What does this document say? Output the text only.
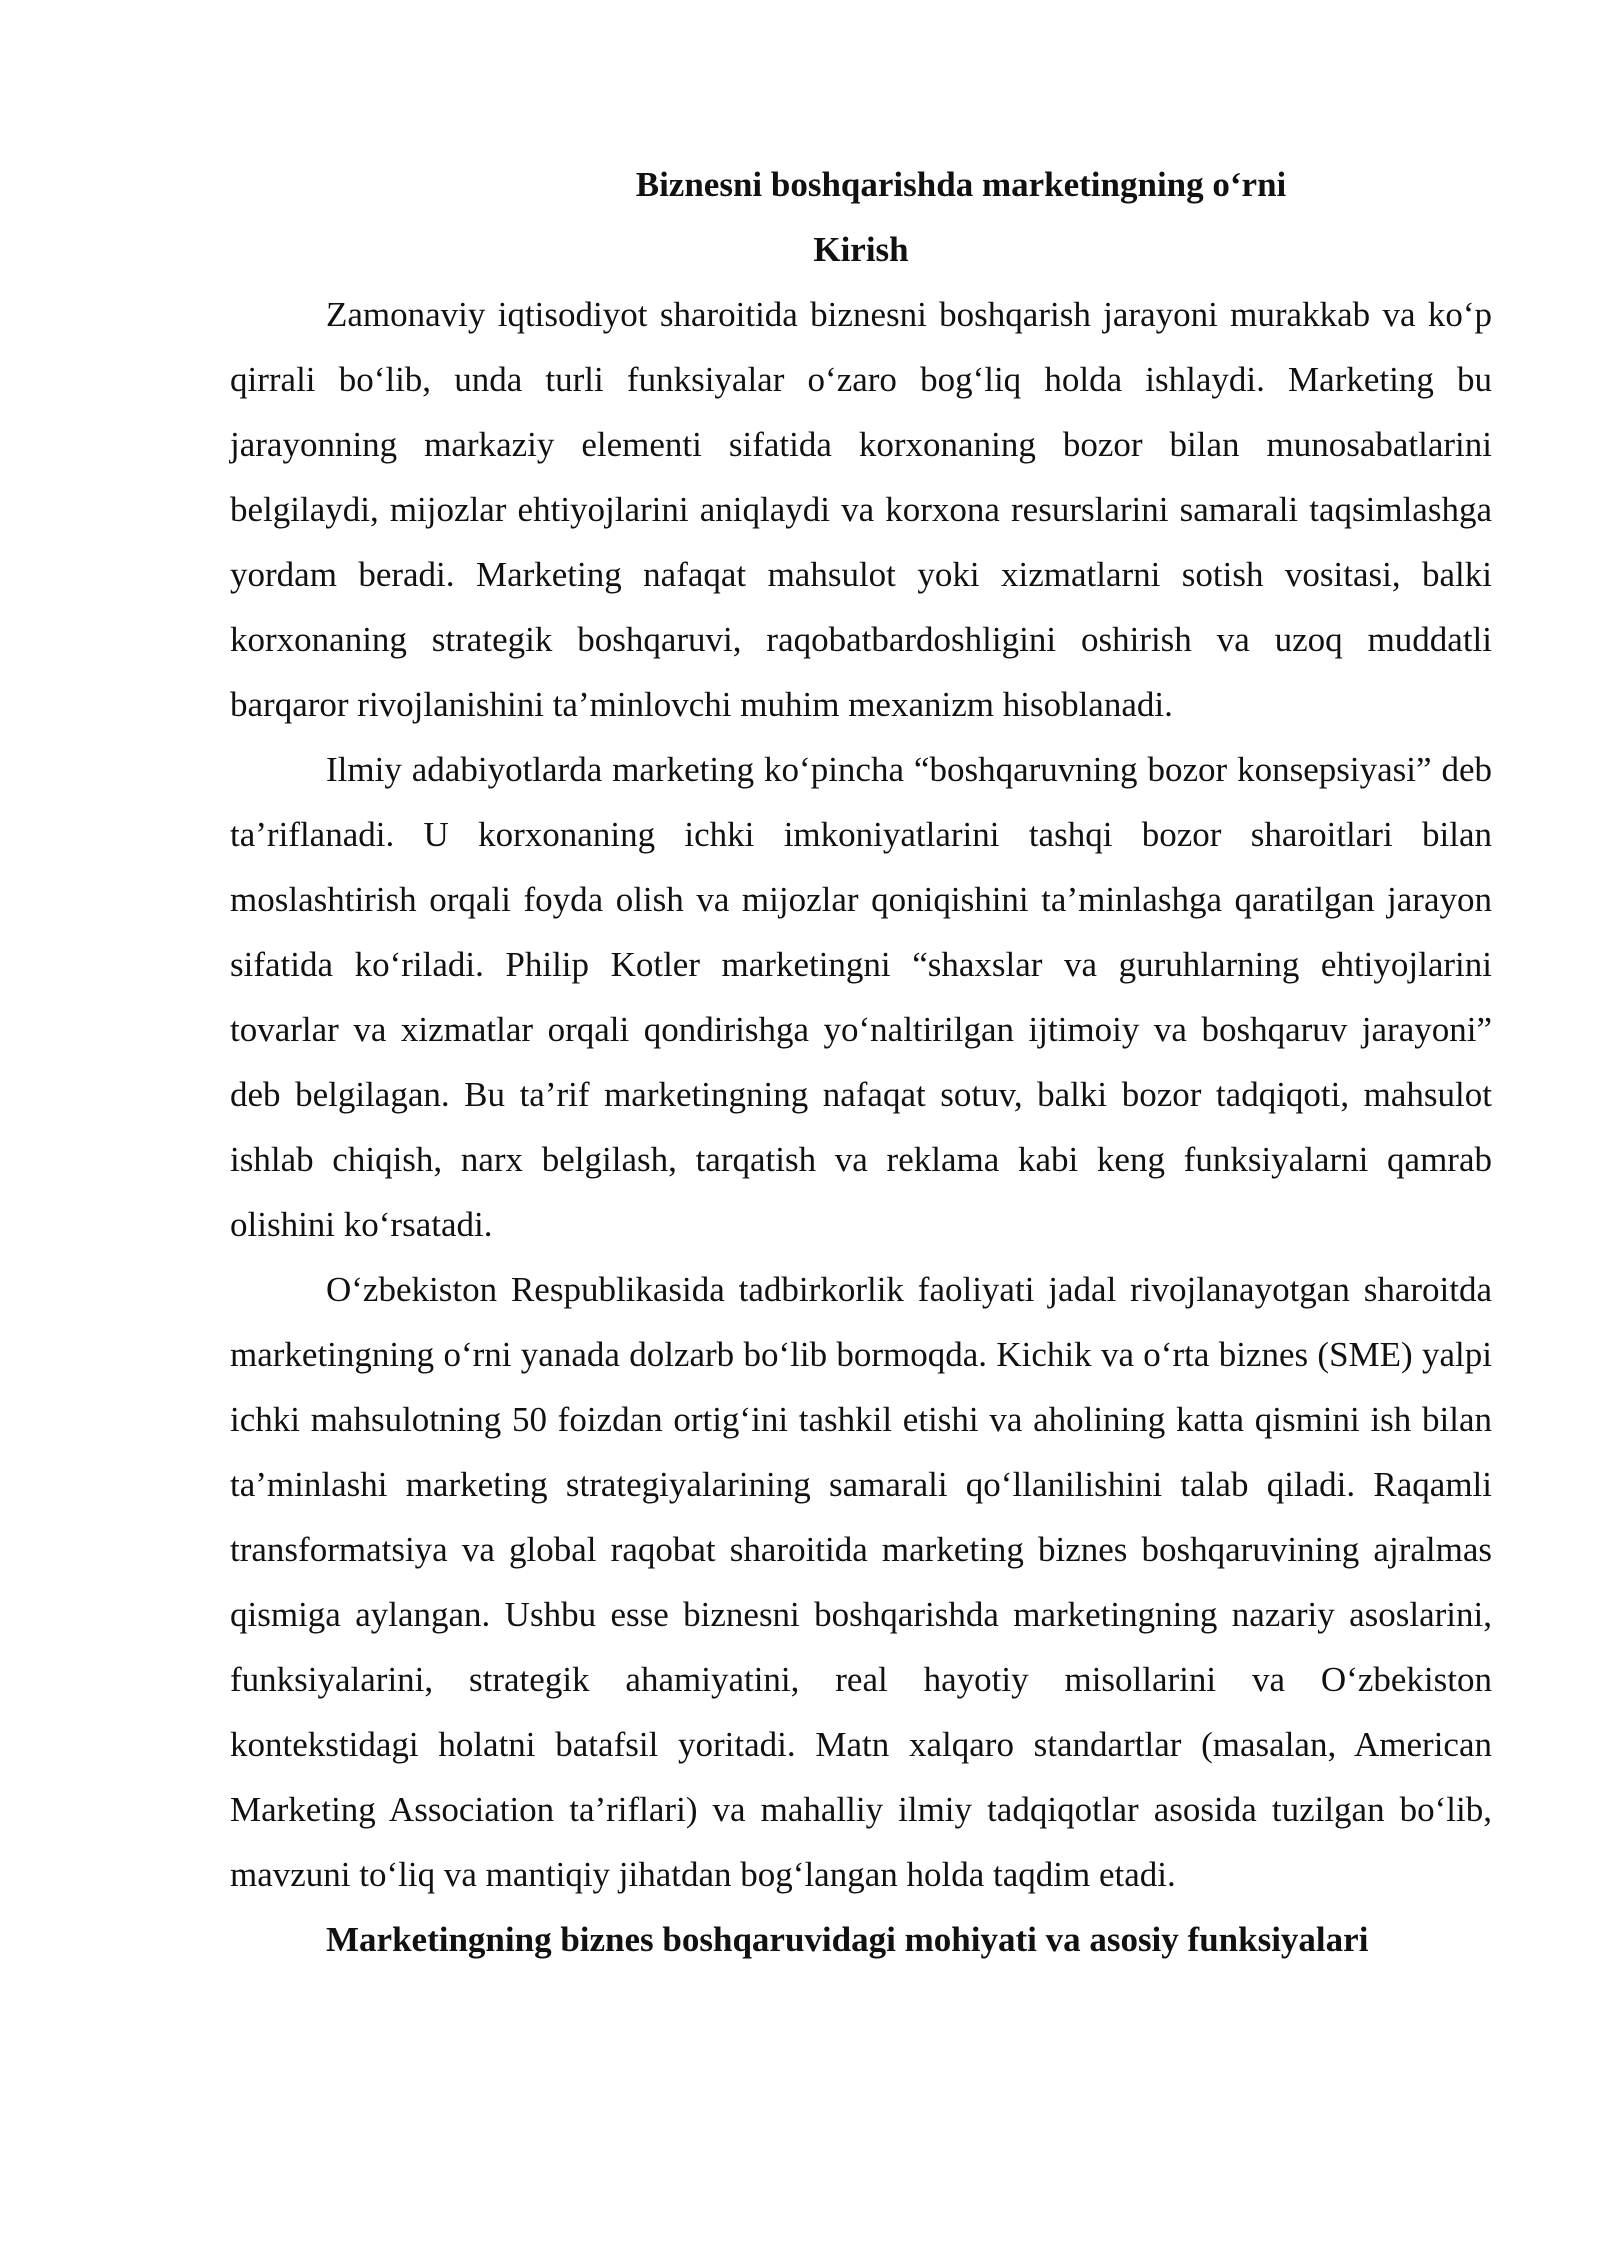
Biznesni boshqarishda marketingning o‘rni

Kirish

Zamonaviy iqtisodiyot sharoitida biznesni boshqarish jarayoni murakkab va ko‘p qirrali bo‘lib, unda turli funksiyalar o‘zaro bog‘liq holda ishlaydi. Marketing bu jarayonning markaziy elementi sifatida korxonaning bozor bilan munosabatlarini belgilaydi, mijozlar ehtiyojlarini aniqlaydi va korxona resurslarini samarali taqsimlashga yordam beradi. Marketing nafaqat mahsulot yoki xizmatlarni sotish vositasi, balki korxonaning strategik boshqaruvi, raqobatbardoshligini oshirish va uzoq muddatli barqaror rivojlanishini ta’minlovchi muhim mexanizm hisoblanadi.

Ilmiy adabiyotlarda marketing ko‘pincha “boshqaruvning bozor konsepsiyasi” deb ta’riflanadi. U korxonaning ichki imkoniyatlarini tashqi bozor sharoitlari bilan moslashtirish orqali foyda olish va mijozlar qoniqishini ta’minlashga qaratilgan jarayon sifatida ko‘riladi. Philip Kotler marketingni “shaxslar va guruhlarning ehtiyojlarini tovarlar va xizmatlar orqali qondirishga yo‘naltirilgan ijtimoiy va boshqaruv jarayoni” deb belgilagan. Bu ta’rif marketingning nafaqat sotuv, balki bozor tadqiqoti, mahsulot ishlab chiqish, narx belgilash, tarqatish va reklama kabi keng funksiyalarni qamrab olishini ko‘rsatadi.

O‘zbekiston Respublikasida tadbirkorlik faoliyati jadal rivojlanayotgan sharoitda marketingning o‘rni yanada dolzarb bo‘lib bormoqda. Kichik va o‘rta biznes (SME) yalpi ichki mahsulotning 50 foizdan ortig‘ini tashkil etishi va aholining katta qismini ish bilan ta’minlashi marketing strategiyalarining samarali qo‘llanilishini talab qiladi. Raqamli transformatsiya va global raqobat sharoitida marketing biznes boshqaruvining ajralmas qismiga aylangan. Ushbu esse biznesni boshqarishda marketingning nazariy asoslarini, funksiyalarini, strategik ahamiyatini, real hayotiy misollarini va O‘zbekiston kontekstidagi holatni batafsil yoritadi. Matn xalqaro standartlar (masalan, American Marketing Association ta’riflari) va mahalliy ilmiy tadqiqotlar asosida tuzilgan bo‘lib, mavzuni to‘liq va mantiqiy jihatdan bog‘langan holda taqdim etadi.

Marketingning biznes boshqaruvidagi mohiyati va asosiy funksiyalari
